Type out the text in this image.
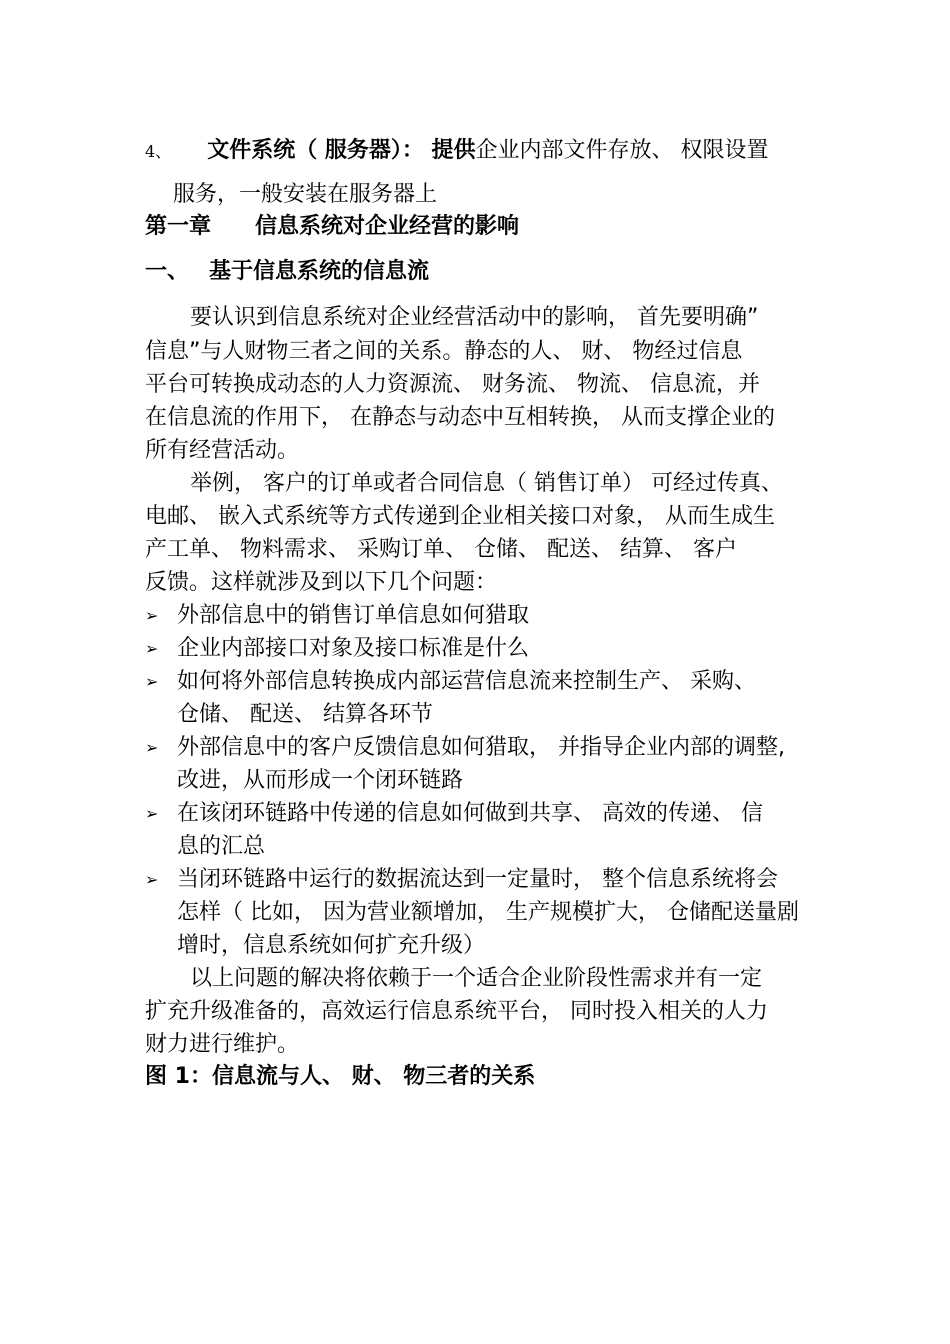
4、 文件系统（ 服务器）： 提供企业内部文件存放、 权限设置
服务，一般安装在服务器上
第一章 信息系统对企业经营的影响
一、 基于信息系统的信息流
要认识到信息系统对企业经营活动中的影响， 首先要明确”
信息”与人财物三者之间的关系。静态的人、 财、 物经过信息
平台可转换成动态的人力资源流、 财务流、 物流、 信息流，并
在信息流的作用下， 在静态与动态中互相转换， 从而支撑企业的
所有经营活动。
举例， 客户的订单或者合同信息（ 销售订单） 可经过传真、
电邮、 嵌入式系统等方式传递到企业相关接口对象， 从而生成生
产工单、 物料需求、 采购订单、 仓储、 配送、 结算、 客户
反馈。这样就涉及到以下几个问题：
➢ 外部信息中的销售订单信息如何猎取
➢ 企业内部接口对象及接口标准是什么
➢ 如何将外部信息转换成内部运营信息流来控制生产、 采购、
仓储、 配送、 结算各环节
➢ 外部信息中的客户反馈信息如何猎取， 并指导企业内部的调整,
改进，从而形成一个闭环链路
➢ 在该闭环链路中传递的信息如何做到共享、 高效的传递、 信
息的汇总
➢ 当闭环链路中运行的数据流达到一定量时， 整个信息系统将会
怎样（ 比如， 因为营业额增加， 生产规模扩大， 仓储配送量剧
增时，信息系统如何扩充升级）
以上问题的解决将依赖于一个适合企业阶段性需求并有一定
扩充升级准备的，高效运行信息系统平台， 同时投入相关的人力
财力进行维护。
图 1：信息流与人、 财、 物三者的关系
